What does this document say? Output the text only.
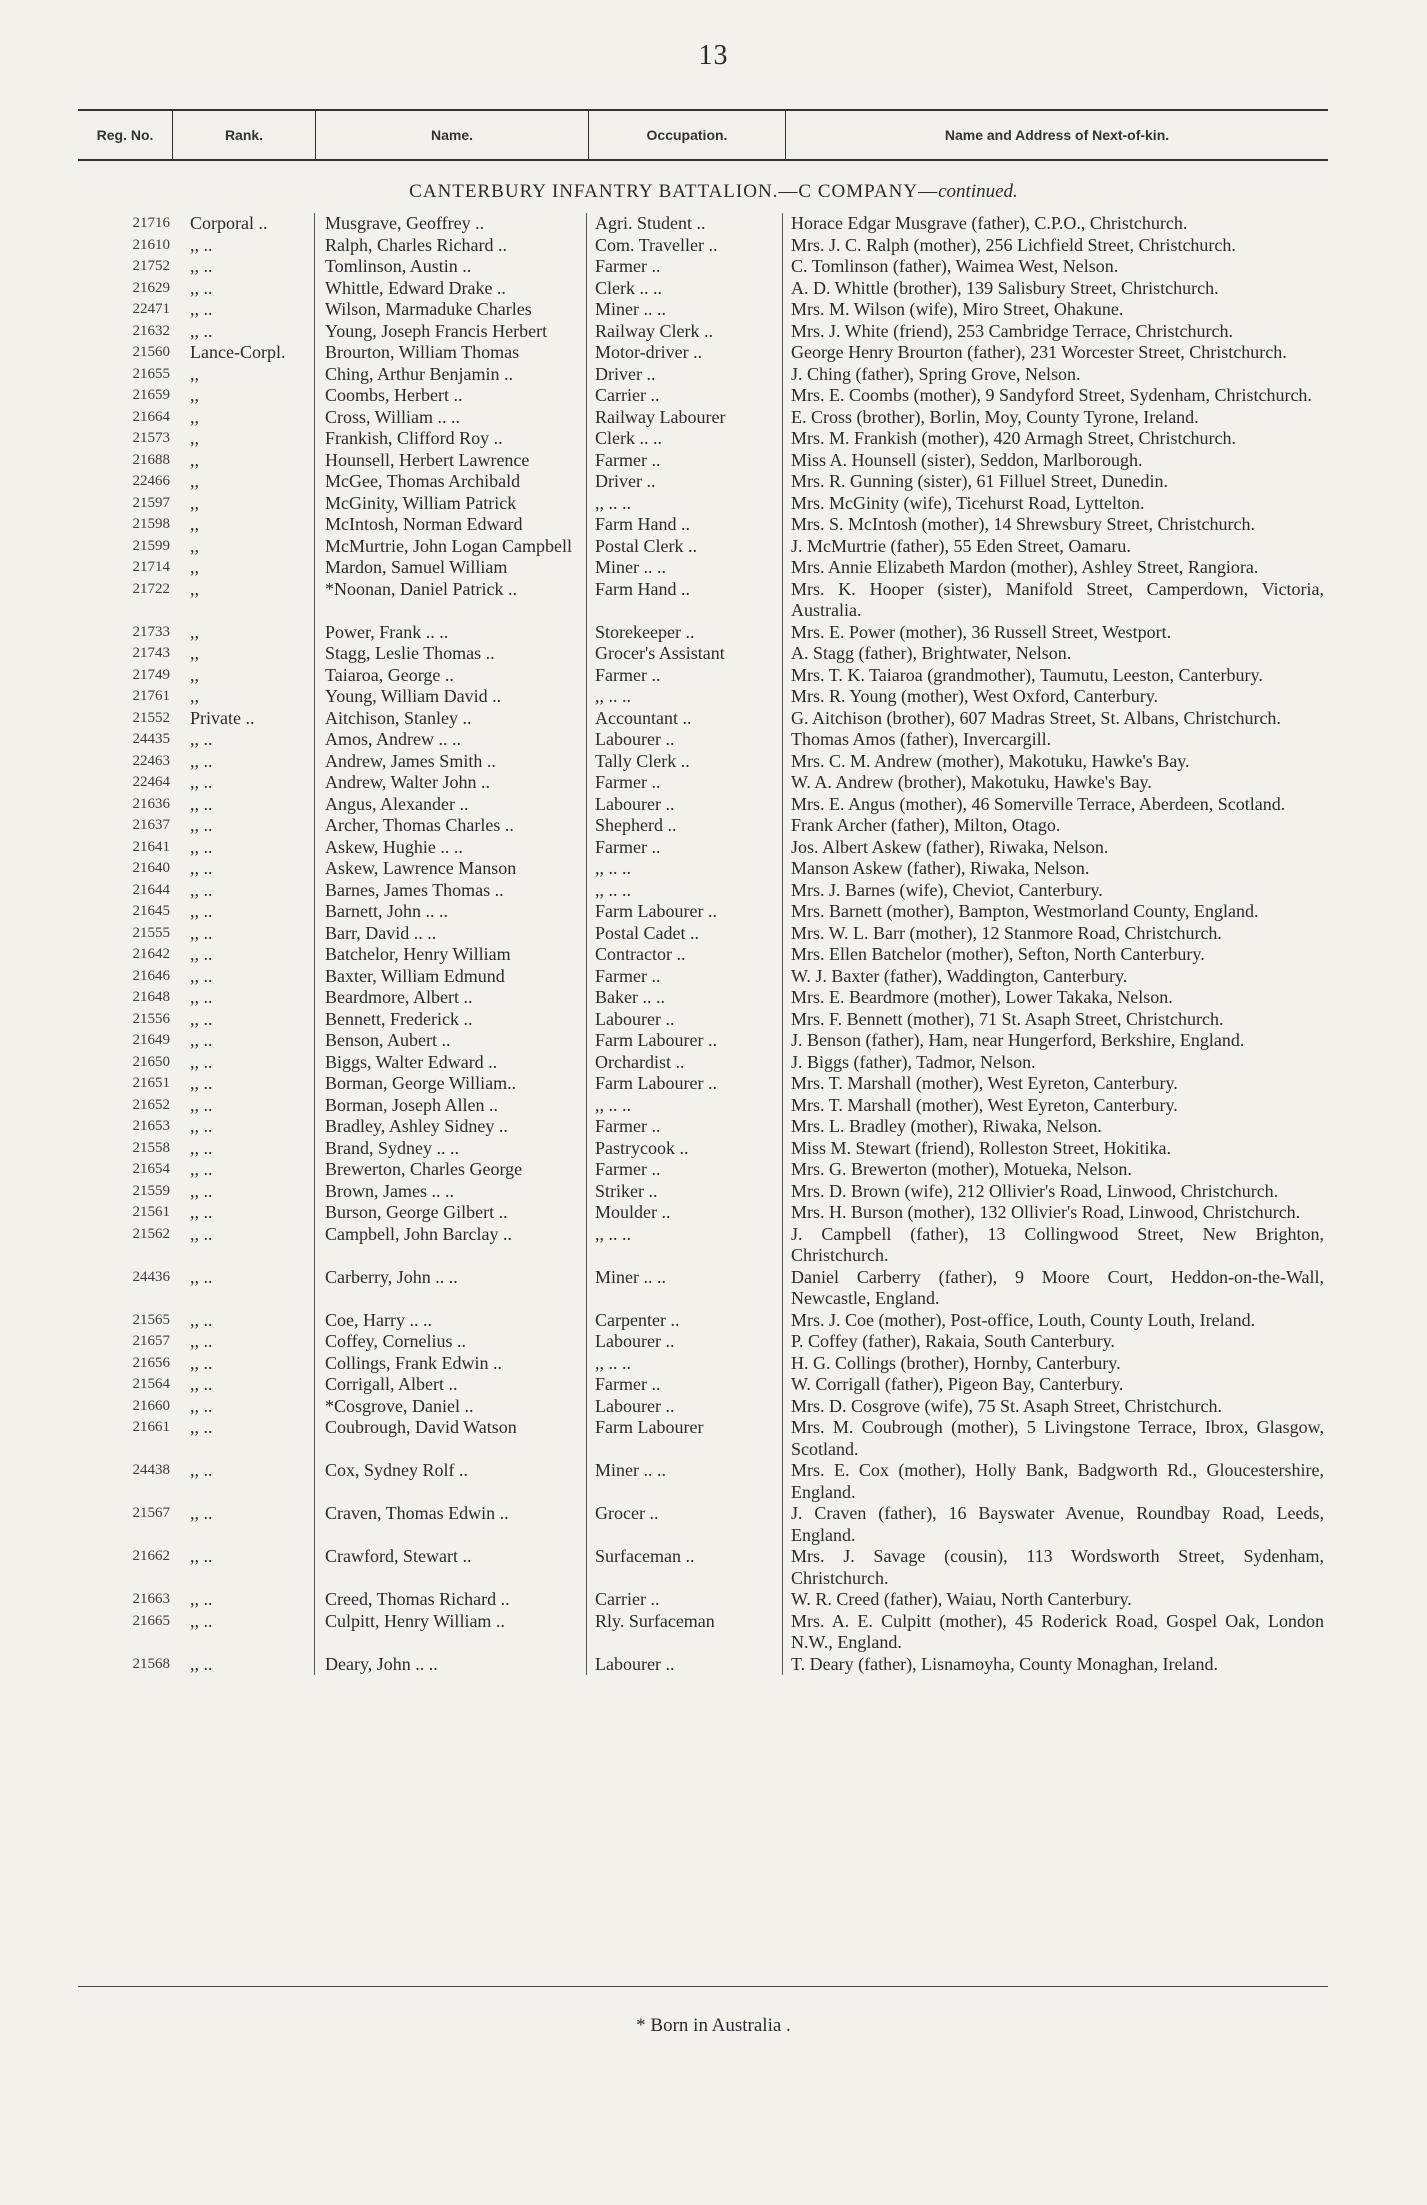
13
Reg. No.	Rank.	Name.	Occupation.	Name and Address of Next-of-kin.
CANTERBURY INFANTRY BATTALION.—C COMPANY—continued.
21716	Corporal ..	Musgrave, Geoffrey ..	Agri. Student ..	Horace Edgar Musgrave (father), C.P.O., Christchurch.
21610	,, ..	Ralph, Charles Richard ..	Com. Traveller ..	Mrs. J. C. Ralph (mother), 256 Lichfield Street, Christchurch.
21752	,, ..	Tomlinson, Austin ..	Farmer ..	C. Tomlinson (father), Waimea West, Nelson.
21629	,, ..	Whittle, Edward Drake ..	Clerk .. ..	A. D. Whittle (brother), 139 Salisbury Street, Christchurch.
22471	,, ..	Wilson, Marmaduke Charles	Miner .. ..	Mrs. M. Wilson (wife), Miro Street, Ohakune.
21632	,, ..	Young, Joseph Francis Herbert	Railway Clerk ..	Mrs. J. White (friend), 253 Cambridge Terrace, Christchurch.
21560	Lance-Corpl.	Brourton, William Thomas	Motor-driver ..	George Henry Brourton (father), 231 Worcester Street, Christchurch.
21655	,,	Ching, Arthur Benjamin ..	Driver ..	J. Ching (father), Spring Grove, Nelson.
21659	,,	Coombs, Herbert ..	Carrier ..	Mrs. E. Coombs (mother), 9 Sandyford Street, Sydenham, Christchurch.
21664	,,	Cross, William .. ..	Railway Labourer	E. Cross (brother), Borlin, Moy, County Tyrone, Ireland.
21573	,,	Frankish, Clifford Roy ..	Clerk .. ..	Mrs. M. Frankish (mother), 420 Armagh Street, Christchurch.
21688	,,	Hounsell, Herbert Lawrence	Farmer ..	Miss A. Hounsell (sister), Seddon, Marlborough.
22466	,,	McGee, Thomas Archibald	Driver ..	Mrs. R. Gunning (sister), 61 Filluel Street, Dunedin.
21597	,,	McGinity, William Patrick	,, .. ..	Mrs. McGinity (wife), Ticehurst Road, Lyttelton.
21598	,,	McIntosh, Norman Edward	Farm Hand ..	Mrs. S. McIntosh (mother), 14 Shrewsbury Street, Christchurch.
21599	,,	McMurtrie, John Logan Campbell	Postal Clerk ..	J. McMurtrie (father), 55 Eden Street, Oamaru.
21714	,,	Mardon, Samuel William	Miner .. ..	Mrs. Annie Elizabeth Mardon (mother), Ashley Street, Rangiora.
21722	,,	*Noonan, Daniel Patrick ..	Farm Hand ..	Mrs. K. Hooper (sister), Manifold Street, Camperdown, Victoria, Australia.
21733	,,	Power, Frank .. ..	Storekeeper ..	Mrs. E. Power (mother), 36 Russell Street, Westport.
21743	,,	Stagg, Leslie Thomas ..	Grocer's Assistant	A. Stagg (father), Brightwater, Nelson.
21749	,,	Taiaroa, George ..	Farmer ..	Mrs. T. K. Taiaroa (grandmother), Taumutu, Leeston, Canterbury.
21761	,,	Young, William David ..	,, .. ..	Mrs. R. Young (mother), West Oxford, Canterbury.
21552	Private ..	Aitchison, Stanley ..	Accountant ..	G. Aitchison (brother), 607 Madras Street, St. Albans, Christchurch.
24435	,, ..	Amos, Andrew .. ..	Labourer ..	Thomas Amos (father), Invercargill.
22463	,, ..	Andrew, James Smith ..	Tally Clerk ..	Mrs. C. M. Andrew (mother), Makotuku, Hawke's Bay.
22464	,, ..	Andrew, Walter John ..	Farmer ..	W. A. Andrew (brother), Makotuku, Hawke's Bay.
21636	,, ..	Angus, Alexander ..	Labourer ..	Mrs. E. Angus (mother), 46 Somerville Terrace, Aberdeen, Scotland.
21637	,, ..	Archer, Thomas Charles ..	Shepherd ..	Frank Archer (father), Milton, Otago.
21641	,, ..	Askew, Hughie .. ..	Farmer ..	Jos. Albert Askew (father), Riwaka, Nelson.
21640	,, ..	Askew, Lawrence Manson	,, .. ..	Manson Askew (father), Riwaka, Nelson.
21644	,, ..	Barnes, James Thomas ..	,, .. ..	Mrs. J. Barnes (wife), Cheviot, Canterbury.
21645	,, ..	Barnett, John .. ..	Farm Labourer ..	Mrs. Barnett (mother), Bampton, Westmorland County, England.
21555	,, ..	Barr, David .. ..	Postal Cadet ..	Mrs. W. L. Barr (mother), 12 Stanmore Road, Christchurch.
21642	,, ..	Batchelor, Henry William	Contractor ..	Mrs. Ellen Batchelor (mother), Sefton, North Canterbury.
21646	,, ..	Baxter, William Edmund	Farmer ..	W. J. Baxter (father), Waddington, Canterbury.
21648	,, ..	Beardmore, Albert ..	Baker .. ..	Mrs. E. Beardmore (mother), Lower Takaka, Nelson.
21556	,, ..	Bennett, Frederick ..	Labourer ..	Mrs. F. Bennett (mother), 71 St. Asaph Street, Christchurch.
21649	,, ..	Benson, Aubert ..	Farm Labourer ..	J. Benson (father), Ham, near Hungerford, Berkshire, England.
21650	,, ..	Biggs, Walter Edward ..	Orchardist ..	J. Biggs (father), Tadmor, Nelson.
21651	,, ..	Borman, George William..	Farm Labourer ..	Mrs. T. Marshall (mother), West Eyreton, Canterbury.
21652	,, ..	Borman, Joseph Allen ..	,, .. ..	Mrs. T. Marshall (mother), West Eyreton, Canterbury.
21653	,, ..	Bradley, Ashley Sidney ..	Farmer ..	Mrs. L. Bradley (mother), Riwaka, Nelson.
21558	,, ..	Brand, Sydney .. ..	Pastrycook ..	Miss M. Stewart (friend), Rolleston Street, Hokitika.
21654	,, ..	Brewerton, Charles George	Farmer ..	Mrs. G. Brewerton (mother), Motueka, Nelson.
21559	,, ..	Brown, James .. ..	Striker ..	Mrs. D. Brown (wife), 212 Ollivier's Road, Linwood, Christchurch.
21561	,, ..	Burson, George Gilbert ..	Moulder ..	Mrs. H. Burson (mother), 132 Ollivier's Road, Linwood, Christchurch.
21562	,, ..	Campbell, John Barclay ..	,, .. ..	J. Campbell (father), 13 Collingwood Street, New Brighton, Christchurch.
24436	,, ..	Carberry, John .. ..	Miner .. ..	Daniel Carberry (father), 9 Moore Court, Heddon-on-the-Wall, Newcastle, England.
21565	,, ..	Coe, Harry .. ..	Carpenter ..	Mrs. J. Coe (mother), Post-office, Louth, County Louth, Ireland.
21657	,, ..	Coffey, Cornelius ..	Labourer ..	P. Coffey (father), Rakaia, South Canterbury.
21656	,, ..	Collings, Frank Edwin ..	,, .. ..	H. G. Collings (brother), Hornby, Canterbury.
21564	,, ..	Corrigall, Albert ..	Farmer ..	W. Corrigall (father), Pigeon Bay, Canterbury.
21660	,, ..	*Cosgrove, Daniel ..	Labourer ..	Mrs. D. Cosgrove (wife), 75 St. Asaph Street, Christchurch.
21661	,, ..	Coubrough, David Watson	Farm Labourer	Mrs. M. Coubrough (mother), 5 Livingstone Terrace, Ibrox, Glasgow, Scotland.
24438	,, ..	Cox, Sydney Rolf ..	Miner .. ..	Mrs. E. Cox (mother), Holly Bank, Badgworth Rd., Gloucestershire, England.
21567	,, ..	Craven, Thomas Edwin ..	Grocer ..	J. Craven (father), 16 Bayswater Avenue, Roundbay Road, Leeds, England.
21662	,, ..	Crawford, Stewart ..	Surfaceman ..	Mrs. J. Savage (cousin), 113 Wordsworth Street, Sydenham, Christchurch.
21663	,, ..	Creed, Thomas Richard ..	Carrier ..	W. R. Creed (father), Waiau, North Canterbury.
21665	,, ..	Culpitt, Henry William ..	Rly. Surfaceman	Mrs. A. E. Culpitt (mother), 45 Roderick Road, Gospel Oak, London N.W., England.
21568	,, ..	Deary, John .. ..	Labourer ..	T. Deary (father), Lisnamoyha, County Monaghan, Ireland.
* Born in Australia .
